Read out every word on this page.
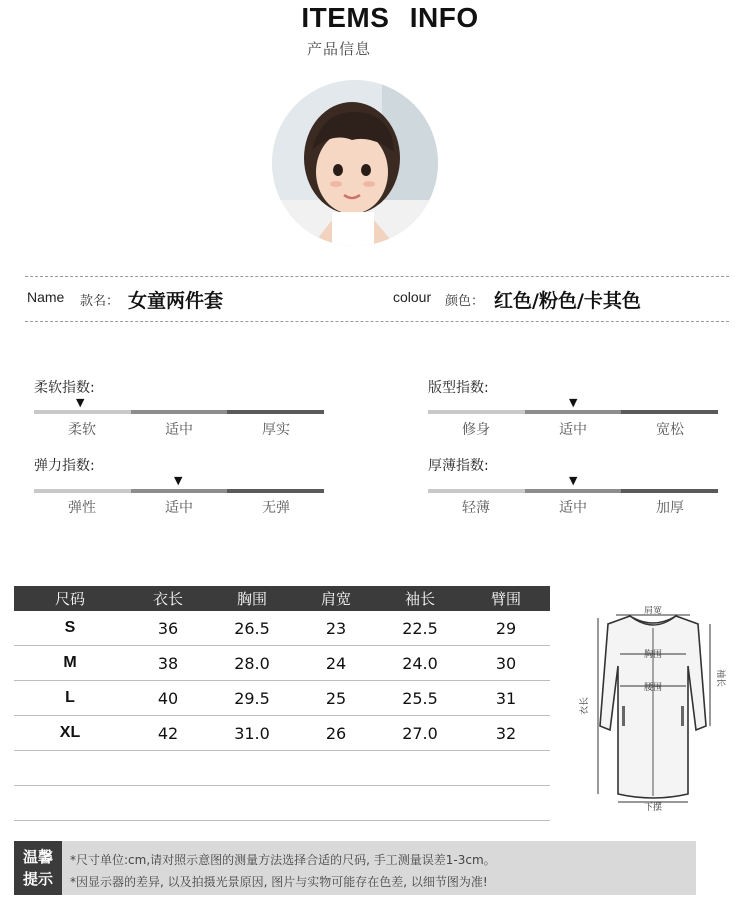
ITEMS INFO
产品信息
Name 款名： 女童两件套	colour 颜色： 红色/粉色/卡其色
柔软指数:
▼
柔软	适中	厚实
版型指数:
▼
修身	适中	宽松
弹力指数:
▼
弹性	适中	无弹
厚薄指数:
▼
轻薄	适中	加厚
尺码	衣长	胸围	肩宽	袖长	臂围
S	36	26.5	23	22.5	29
M	38	28.0	24	24.0	30
L	40	29.5	25	25.5	31
XL	42	31.0	26	27.0	32

肩宽
胸围
腰围
衣长
袖长
下摆
温馨
提示
*尺寸单位:cm,请对照示意图的测量方法选择合适的尺码, 手工测量误差1-3cm。
*因显示器的差异, 以及拍摄光景原因, 图片与实物可能存在色差, 以细节图为准!
